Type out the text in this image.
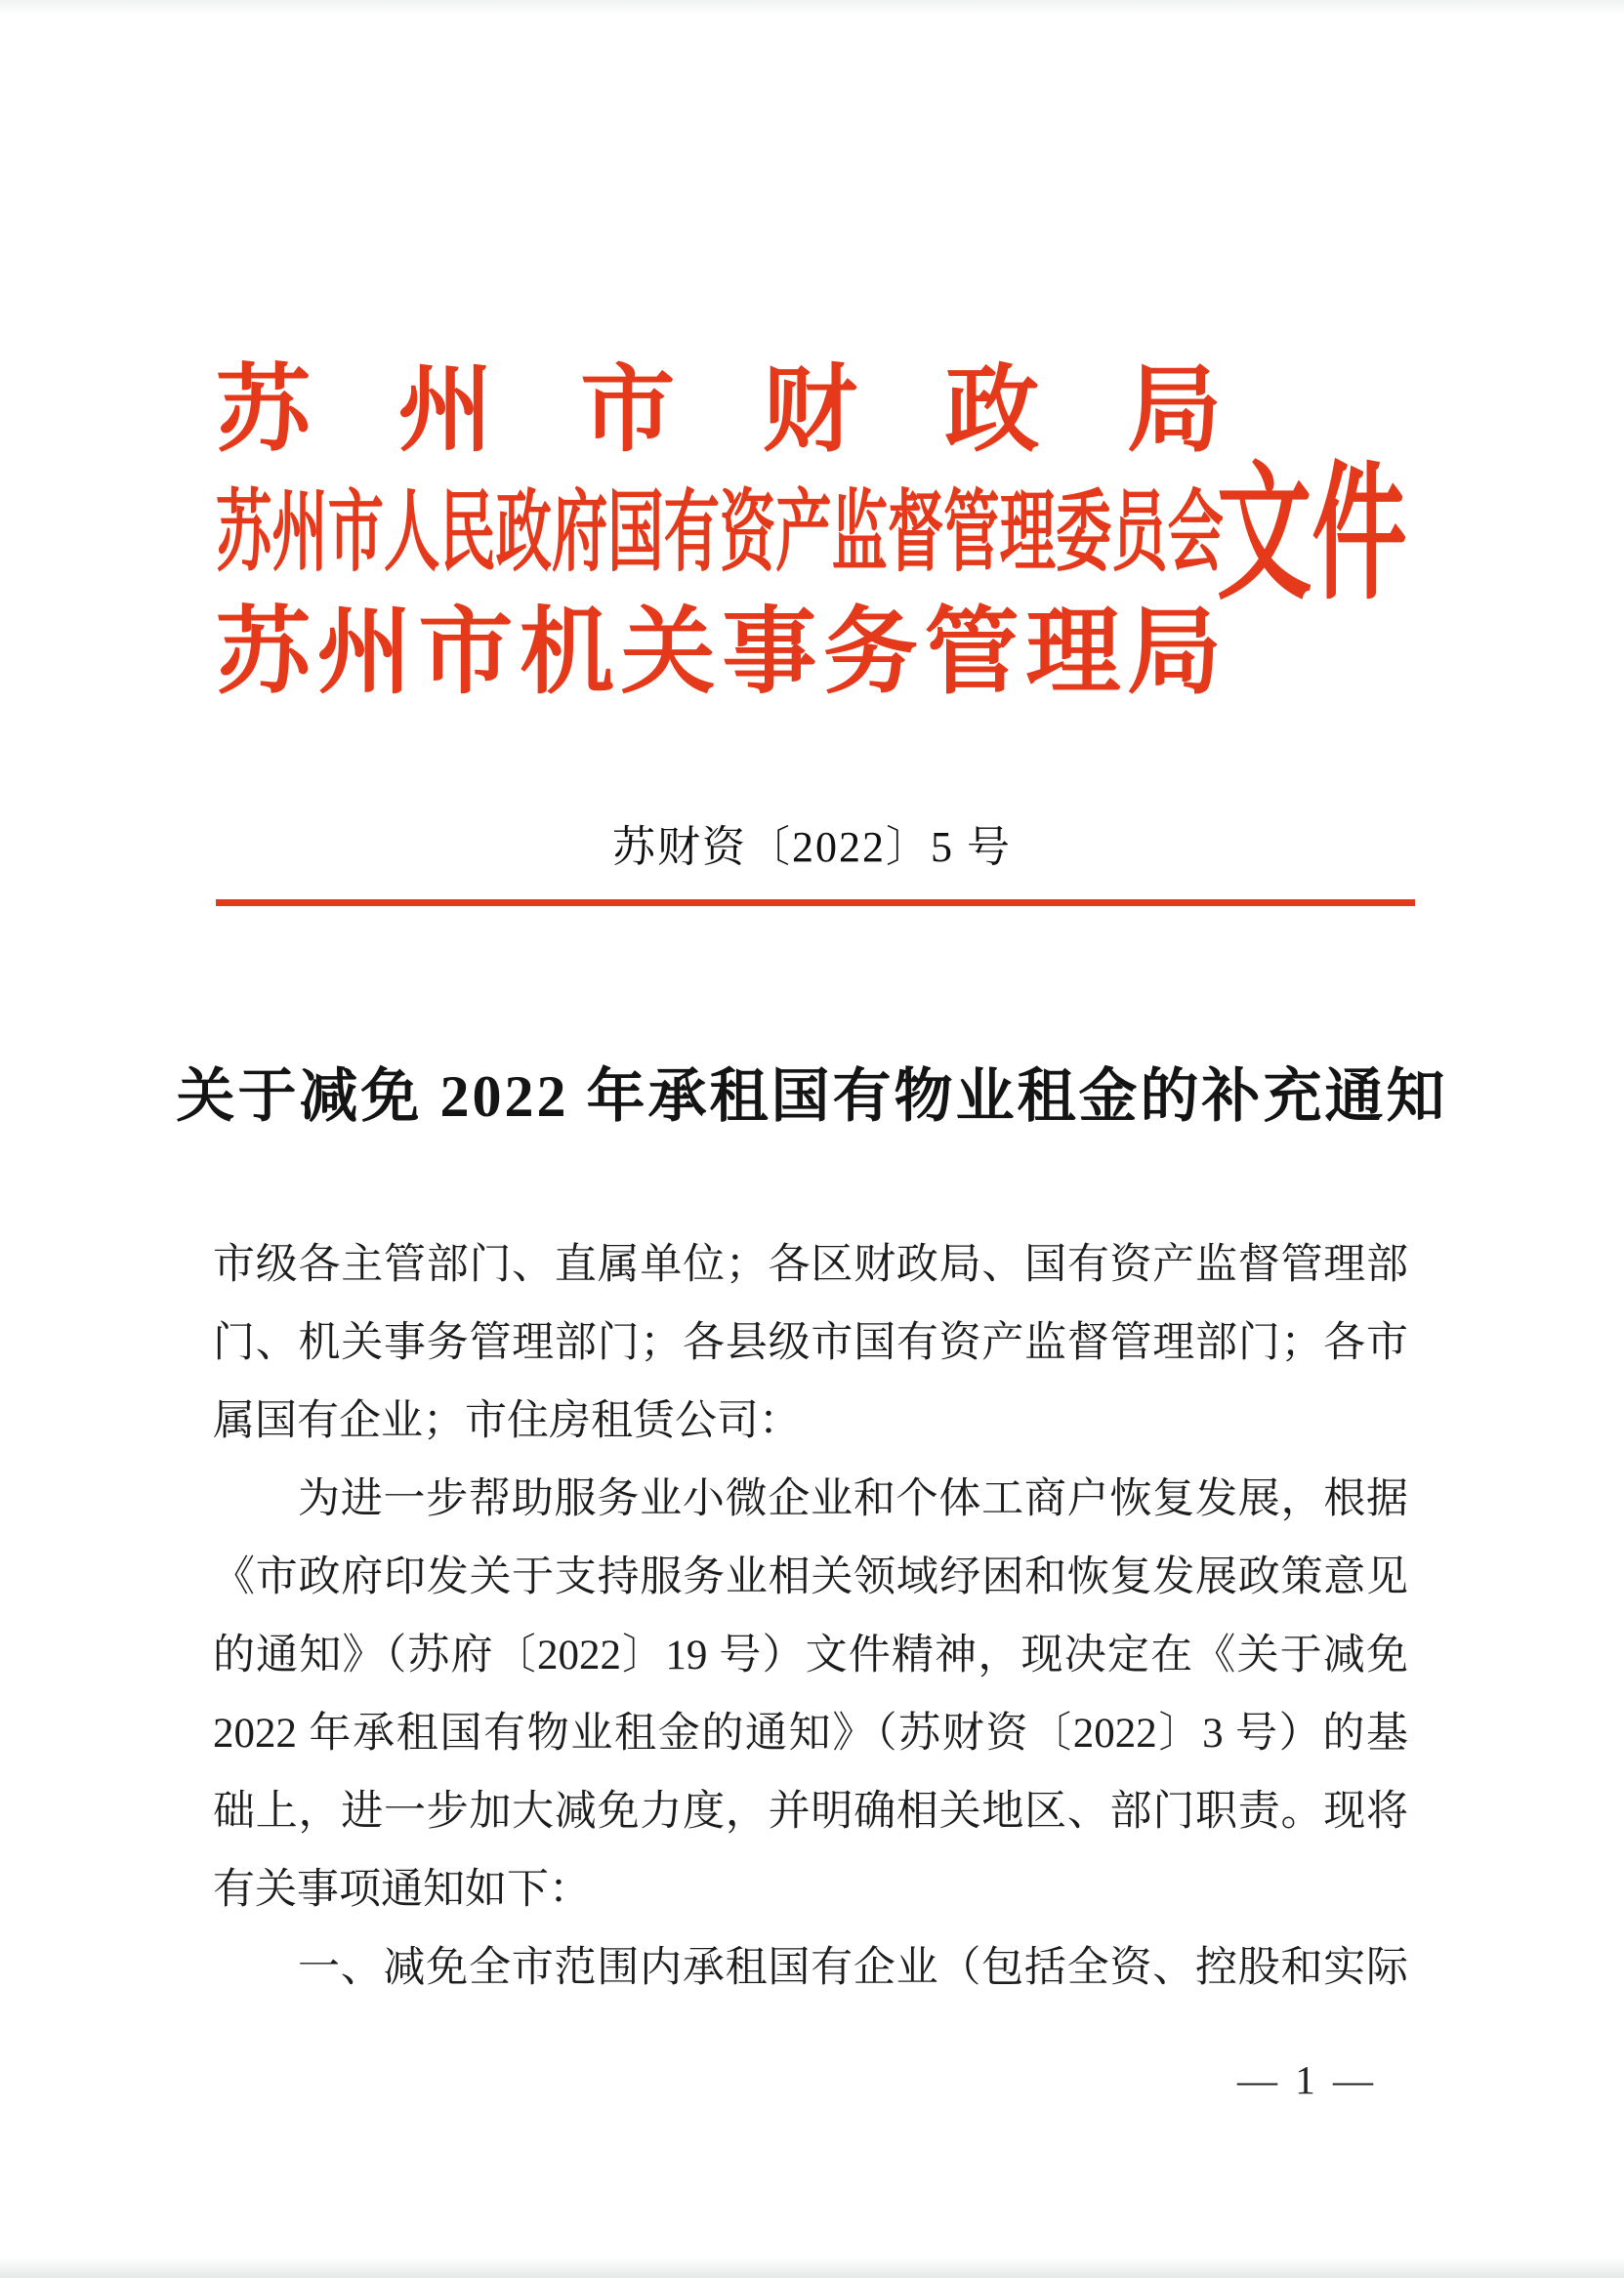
苏州市财政局
苏州市人民政府国有资产监督管理委员会
文件
苏州市机关事务管理局
苏财资〔2022〕5 号
关于减免 2022 年承租国有物业租金的补充通知
市级各主管部门、直属单位；各区财政局、国有资产监督管理部
门、机关事务管理部门；各县级市国有资产监督管理部门；各市
属国有企业；市住房租赁公司：
为进一步帮助服务业小微企业和个体工商户恢复发展，根据
《市政府印发关于支持服务业相关领域纾困和恢复发展政策意见
的通知》（苏府〔2022〕19 号）文件精神，现决定在《关于减免
2022 年承租国有物业租金的通知》（苏财资〔2022〕3 号）的基
础上，进一步加大减免力度，并明确相关地区、部门职责。现将
有关事项通知如下：
一、减免全市范围内承租国有企业（包括全资、控股和实际
— 1 —
